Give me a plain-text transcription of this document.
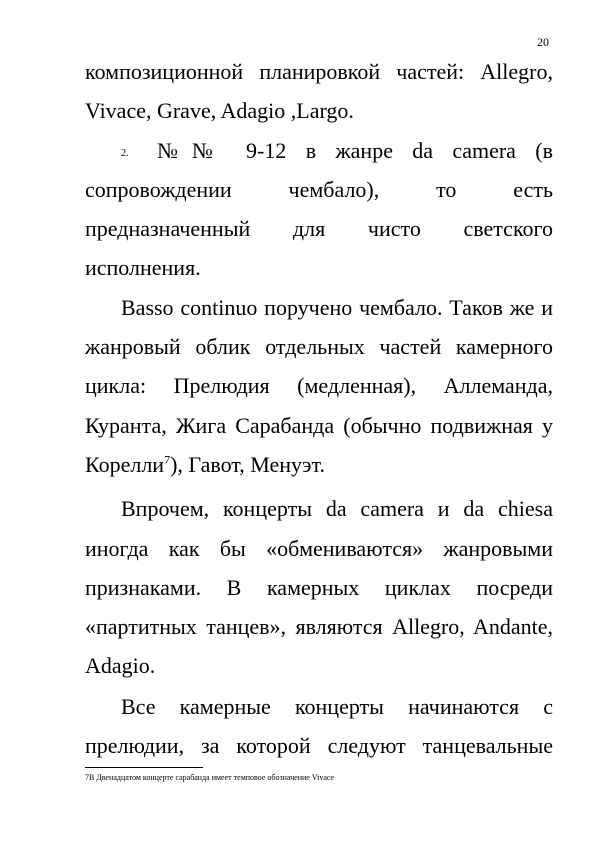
20
композиционной планировкой частей: Allegro,
Vivace, Grave, Adagio ,Largo.
2. №№ 9-12 в жанре da camera (в
сопровождении чембало), то есть
предназначенный для чисто светского
исполнения.
Basso continuo поручено чембало. Таков же и
жанровый облик отдельных частей камерного
цикла: Прелюдия (медленная), Аллеманда,
Куранта, Жига Сарабанда (обычно подвижная у
Корелли$^7$), Гавот, Менуэт.
Впрочем, концерты da camera и da chiesa
иногда как бы «обмениваются» жанровыми
признаками. В камерных циклах посреди
«партитных танцев», являются Allegro, Andante,
Adagio.
Все камерные концерты начинаются с
прелюдии, за которой следуют танцевальные
7В Двенадцатом концерте сарабанда имеет темповое обозначение Vivace
